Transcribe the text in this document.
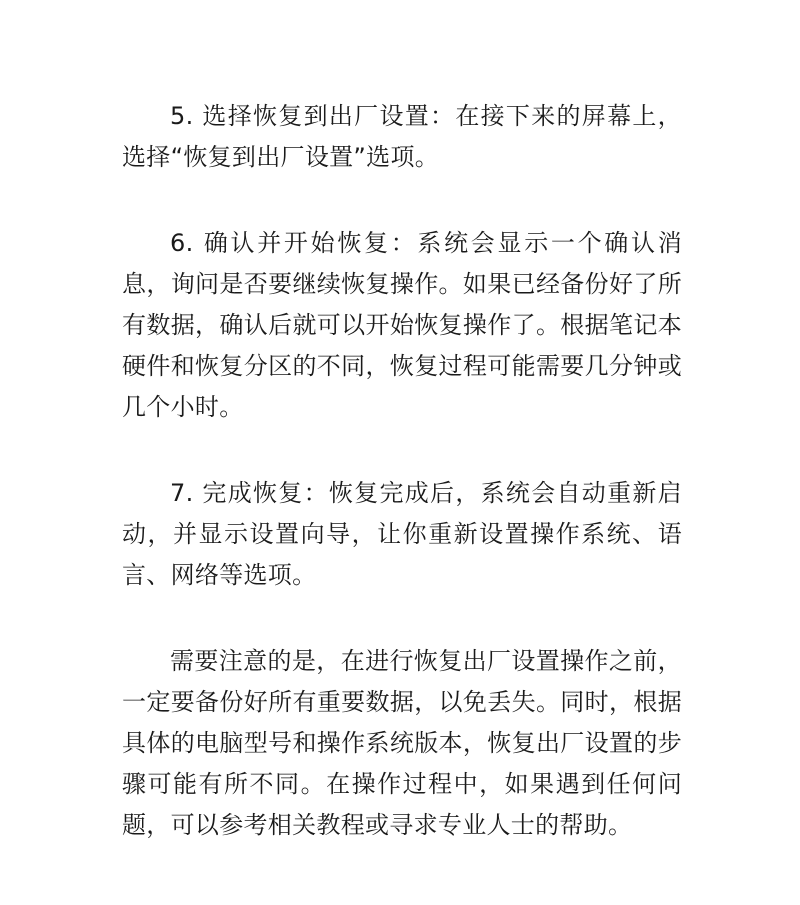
5. 选择恢复到出厂设置：在接下来的屏幕上，选择“恢复到出厂设置”选项。

6. 确认并开始恢复：系统会显示一个确认消息，询问是否要继续恢复操作。如果已经备份好了所有数据，确认后就可以开始恢复操作了。根据笔记本硬件和恢复分区的不同，恢复过程可能需要几分钟或几个小时。

7. 完成恢复：恢复完成后，系统会自动重新启动，并显示设置向导，让你重新设置操作系统、语言、网络等选项。

需要注意的是，在进行恢复出厂设置操作之前，一定要备份好所有重要数据，以免丢失。同时，根据具体的电脑型号和操作系统版本，恢复出厂设置的步骤可能有所不同。在操作过程中，如果遇到任何问题，可以参考相关教程或寻求专业人士的帮助。
